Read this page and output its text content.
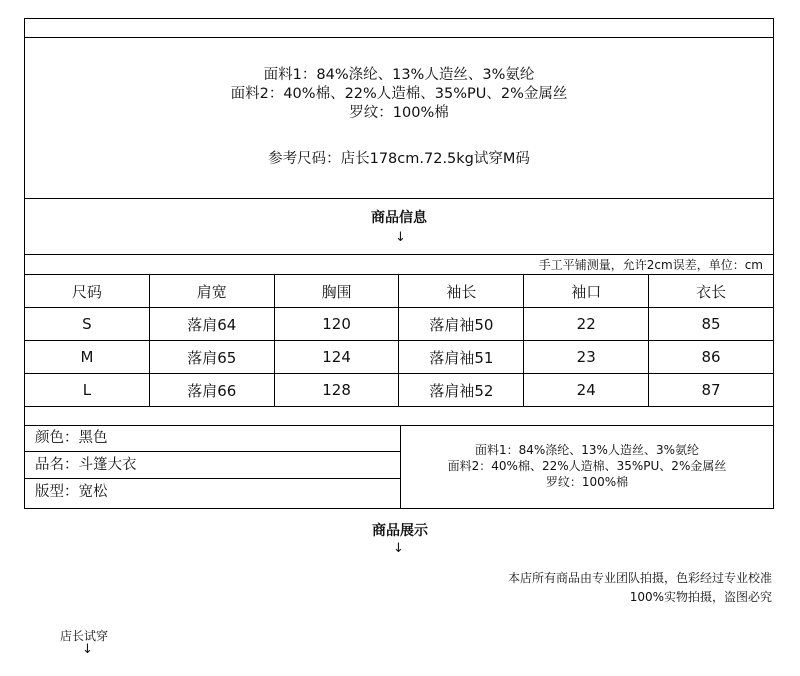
面料1：84%涤纶、13%人造丝、3%氨纶
面料2：40%棉、22%人造棉、35%PU、2%金属丝
罗纹：100%棉
参考尺码：店长178cm.72.5kg试穿M码
商品信息
↓
手工平铺测量，允许2cm误差，单位：cm
尺码	肩宽	胸围	袖长	袖口	衣长
S	落肩64	120	落肩袖50	22	85
M	落肩65	124	落肩袖51	23	86
L	落肩66	128	落肩袖52	24	87
颜色：黑色
品名：斗篷大衣
版型：宽松
面料1：84%涤纶、13%人造丝、3%氨纶
面料2：40%棉、22%人造棉、35%PU、2%金属丝
罗纹：100%棉
商品展示
↓
本店所有商品由专业团队拍摄，色彩经过专业校准
100%实物拍摄，盗图必究
店长试穿
↓
